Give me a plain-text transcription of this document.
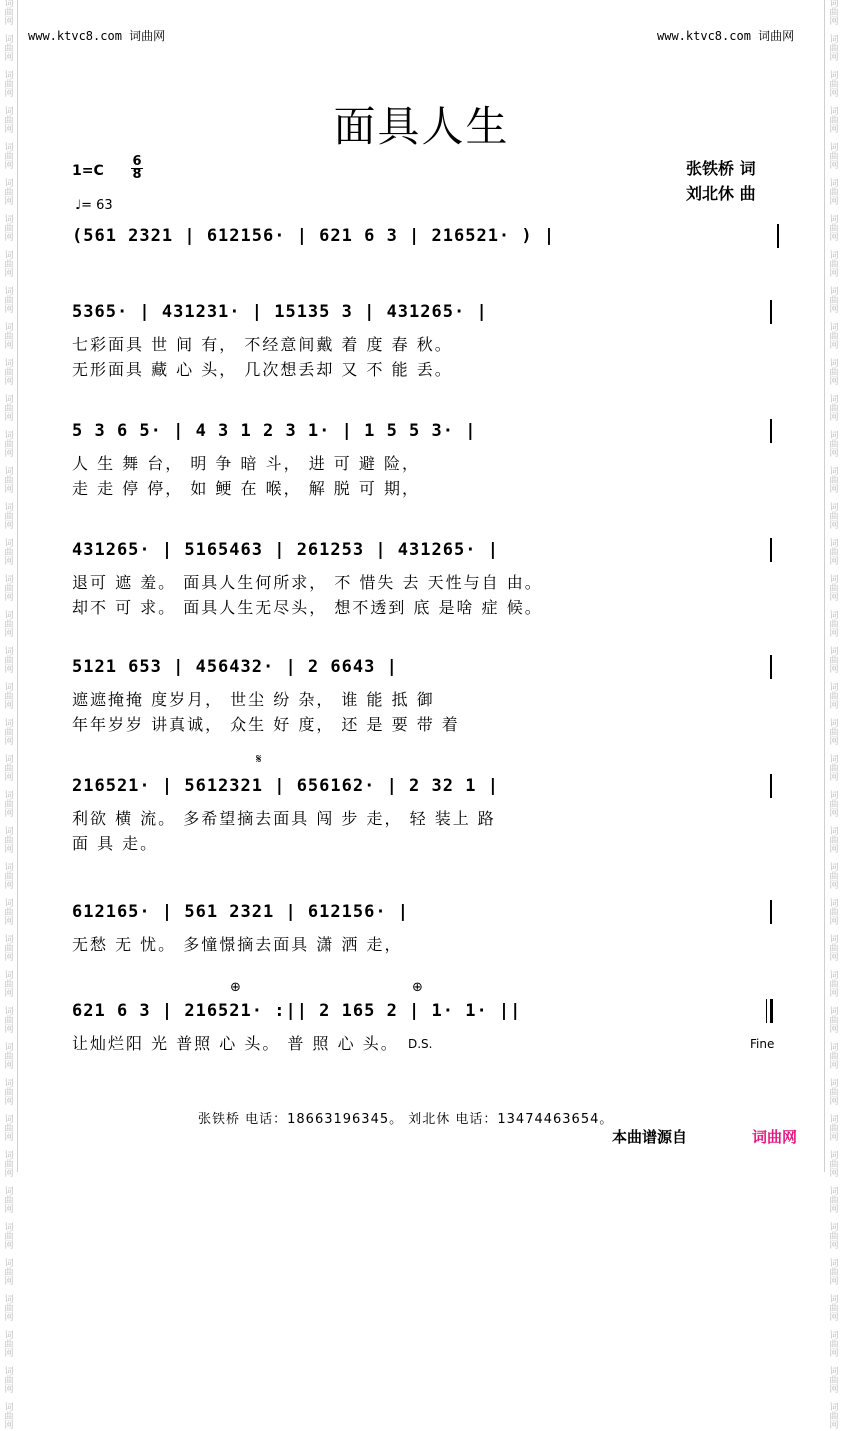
词
曲
网

词
曲
网

词
曲
网

词
曲
网

词
曲
网

词
曲
网

词
曲
网

词
曲
网

词
曲
网

词
曲
网

词
曲
网

词
曲
网

词
曲
网

词
曲
网

词
曲
网

词
曲
网

词
曲
网

词
曲
网

词
曲
网

词
曲
网

词
曲
网

词
曲
网

词
曲
网

词
曲
网

词
曲
网

词
曲
网

词
曲
网

词
曲
网

词
曲
网

词
曲
网

词
曲
网

词
曲
网

词
曲
网

词
曲
网

词
曲
网

词
曲
网

词
曲
网

词
曲
网

词
曲
网

词
曲
网

词
曲
网

词
曲
网

词
曲
网

词
曲
网

词
曲
网

词
曲
网

词
曲
网

词
曲
网

词
曲
网

词
曲
网

词
曲
网

词
曲
网

词
曲
网

词
曲
网

词
曲
网

词
曲
网

词
曲
网

词
曲
网

词
曲
网

词
曲
网

词
曲
网

词
曲
网

词
曲
网

词
曲
网

词
曲
网

词
曲
网

词
曲
网

词
曲
网

词
曲
网

词
曲
网

词
曲
网

词
曲
网

词
曲
网

词
曲
网

词
曲
网

词
曲
网

词
曲
网

词
曲
网

词
曲
网

词
曲
网

www.ktvc8.com 词曲网	www.ktvc8.com 词曲网
面具人生
张铁桥 词
刘北休 曲
1=C
6
8
♩= 63
(561 2321 | 612156· | 621 6 3 | 216521· ) |
5365· | 431231· | 15135 3 | 431265· |
七彩面具 世 间 有， 不经意间戴 着 度 春 秋。
无形面具 藏 心 头， 几次想丢却 又 不 能 丢。
5 3 6 5· | 4 3 1 2 3 1· | 1 5 5 3· |
人 生 舞 台， 明 争 暗 斗， 进 可 避 险，
走 走 停 停， 如 鲠 在 喉， 解 脱 可 期，
431265· | 5165463 | 261253 | 431265· |
退可 遮 羞。 面具人生何所求， 不 惜失 去 天性与自 由。
却不 可 求。 面具人生无尽头， 想不透到 底 是啥 症 候。
5121 653 | 456432· | 2 6643 |
遮遮掩掩 度岁月， 世尘 纷 杂， 谁 能 抵 御
年年岁岁 讲真诚， 众生 好 度， 还 是 要 带 着
𝄋
216521· | 5612321 | 656162· | 2 32 1 |
利欲 横 流。 多希望摘去面具 闯 步 走， 轻 装上 路
面 具 走。
612165· | 561 2321 | 612156· |
无愁 无 忧。 多憧憬摘去面具 潇 洒 走，
⊕	⊕
621 6 3 | 216521· :|| 2 165 2 | 1· 1· ||
让灿烂阳 光 普照 心 头。 普 照 心 头。 D.S.	Fine
张铁桥 电话：18663196345。 刘北休 电话：13474463654。
本曲谱源自	词曲网
